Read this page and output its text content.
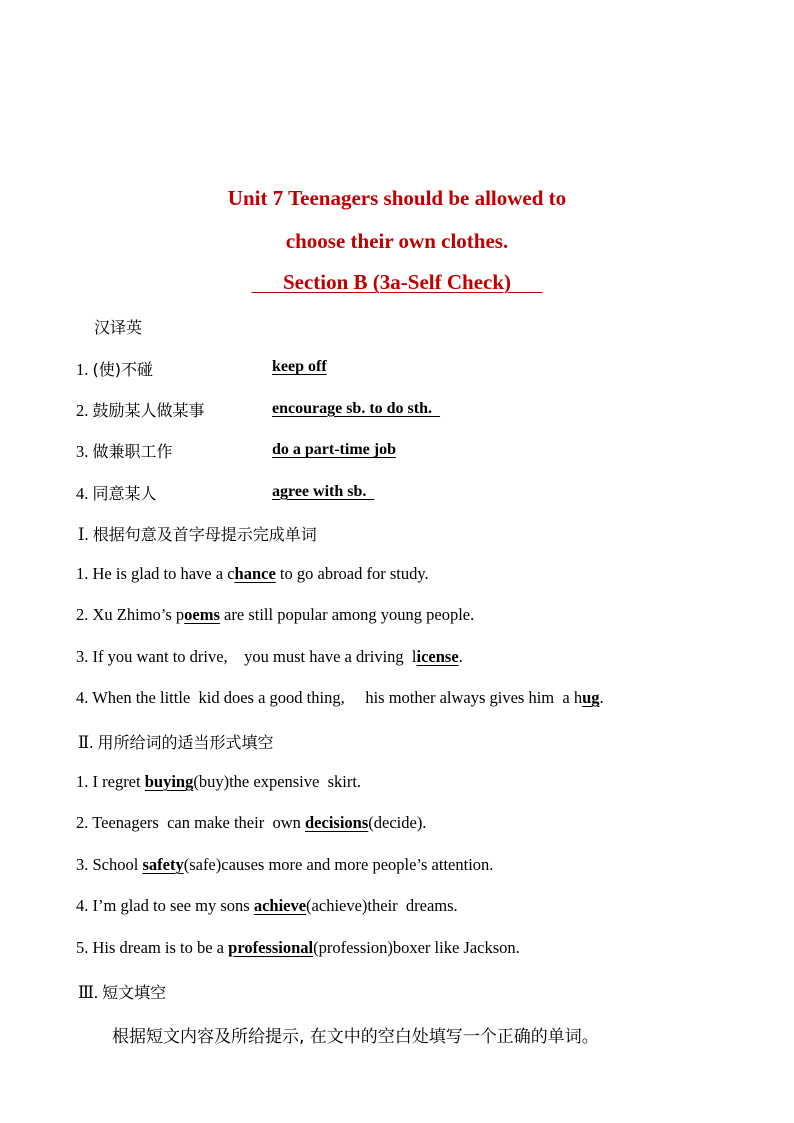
Unit 7 Teenagers should be allowed to
choose their own clothes.
Section B (3a-Self Check)
汉译英
1. (使)不碰	keep off
2. 鼓励某人做某事	encourage sb. to do sth.
3. 做兼职工作	do a part-time job
4. 同意某人	agree with sb.
Ⅰ. 根据句意及首字母提示完成单词
1. He is glad to have a chance to go abroad for study.
2. Xu Zhimo’s poems are still popular among young people.
3. If you want to drive,    you must have a driving  license.
4. When the little  kid does a good thing,     his mother always gives him  a hug.
Ⅱ. 用所给词的适当形式填空
1. I regret buying(buy)the expensive  skirt.
2. Teenagers  can make their  own decisions(decide).
3. School safety(safe)causes more and more people’s attention.
4. I’m glad to see my sons achieve(achieve)their  dreams.
5. His dream is to be a professional(profession)boxer like Jackson.
Ⅲ. 短文填空
根据短文内容及所给提示, 在文中的空白处填写一个正确的单词。
